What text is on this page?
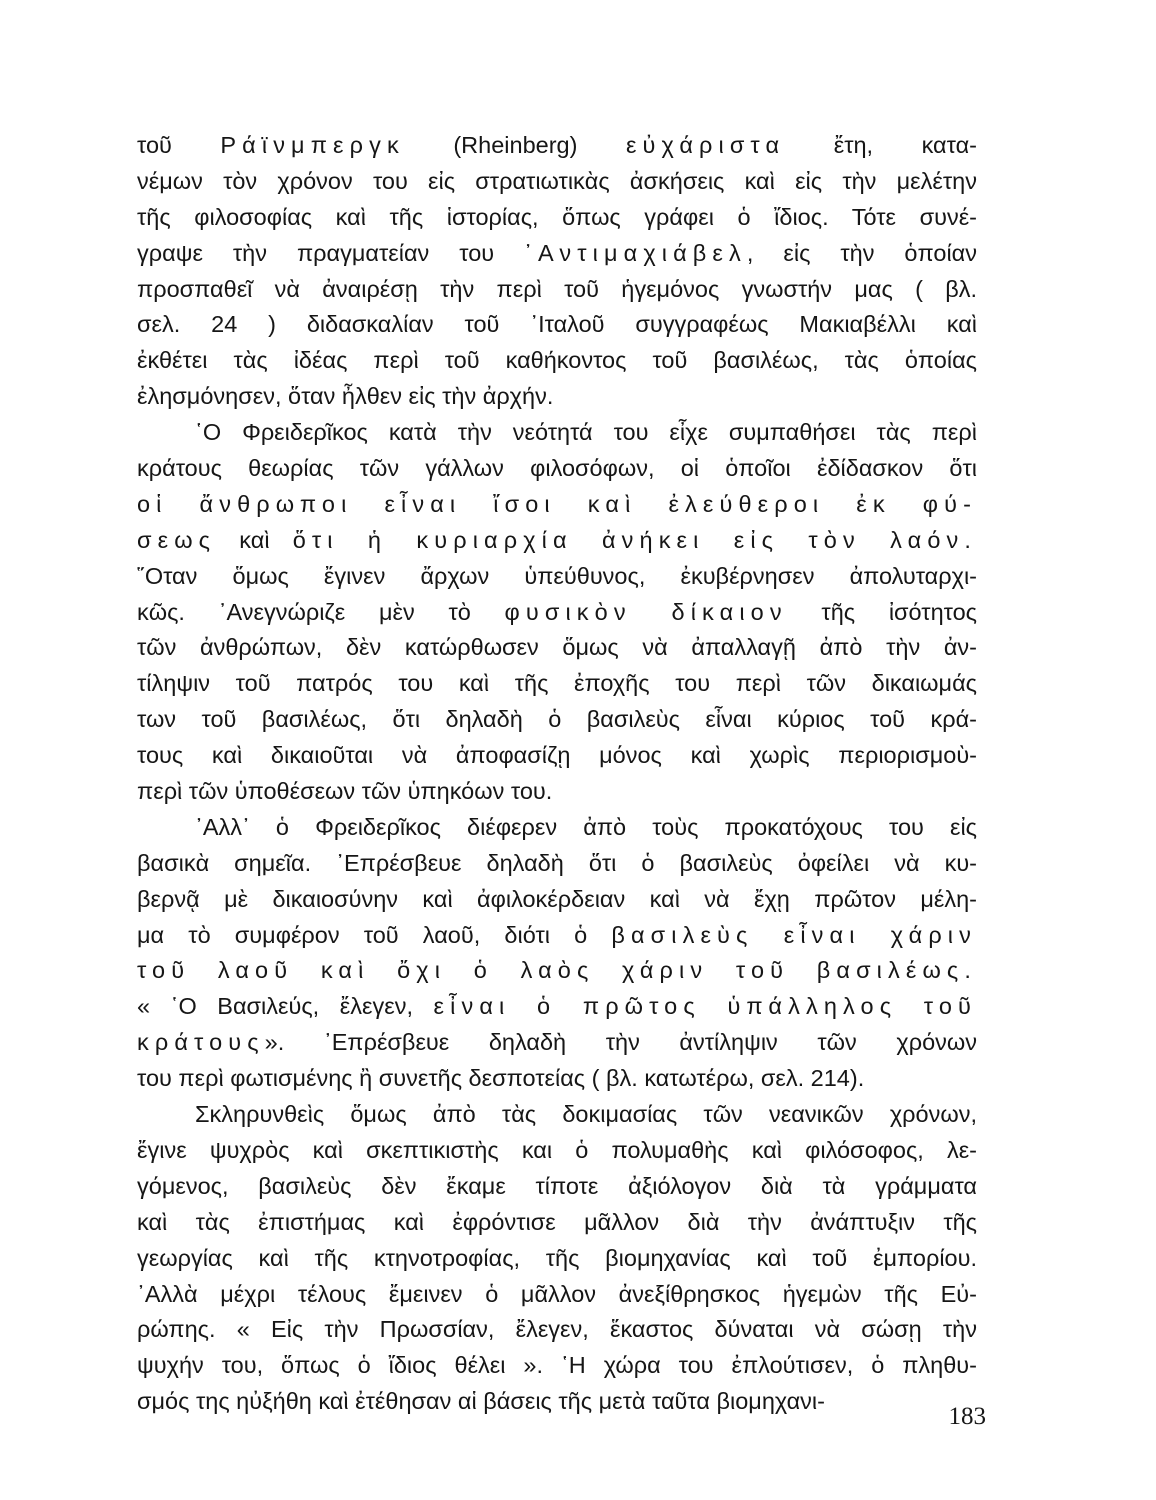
τοῦ Ράϊνμπεργκ (Rheinberg) εὐχάριστα ἔτη, κατα-
νέμων τὸν χρόνον του εἰς στρατιωτικὰς ἀσκήσεις καὶ εἰς τὴν μελέτην
τῆς φιλοσοφίας καὶ τῆς ἱστορίας, ὅπως γράφει ὁ ἴδιος. Τότε συνέ-
γραψε τὴν πραγματείαν του ᾿Αντιμαχιάβελ, εἰς τὴν ὁποίαν
προσπαθεῖ νὰ ἀναιρέσῃ τὴν περὶ τοῦ ἡγεμόνος γνωστήν μας ( βλ.
σελ. 24 ) διδασκαλίαν τοῦ ᾿Ιταλοῦ συγγραφέως Μακιαβέλλι καὶ
ἐκθέτει τὰς ἰδέας περὶ τοῦ καθήκοντος τοῦ βασιλέως, τὰς ὁποίας
ἐλησμόνησεν, ὅταν ἦλθεν εἰς τὴν ἀρχήν.
῾Ο Φρειδερῖκος κατὰ τὴν νεότητά του εἶχε συμπαθήσει τὰς περὶ
κράτους θεωρίας τῶν γάλλων φιλοσόφων, οἱ ὁποῖοι ἐδίδασκον ὅτι
οἱ ἄνθρωποι εἶναι ἴσοι καὶ ἐλεύθεροι ἐκ φύ-
σεως καὶ ὅτι ἡ κυριαρχία ἀνήκει εἰς τὸν λαόν.
῞Οταν ὅμως ἔγινεν ἄρχων ὑπεύθυνος, ἐκυβέρνησεν ἀπολυταρχι-
κῶς. ᾿Ανεγνώριζε μὲν τὸ φυσικὸν δίκαιον τῆς ἰσότητος
τῶν ἀνθρώπων, δὲν κατώρθωσεν ὅμως νὰ ἀπαλλαγῇ ἀπὸ τὴν ἀν-
τίληψιν τοῦ πατρός του καὶ τῆς ἐποχῆς του περὶ τῶν δικαιωμάς
των τοῦ βασιλέως, ὅτι δηλαδὴ ὁ βασιλεὺς εἶναι κύριος τοῦ κρά-
τους καὶ δικαιοῦται νὰ ἀποφασίζῃ μόνος καὶ χωρὶς περιορισμοὺ-
περὶ τῶν ὑποθέσεων τῶν ὑπηκόων του.
᾿Αλλ᾿ ὁ Φρειδερῖκος διέφερεν ἀπὸ τοὺς προκατόχους του εἰς
βασικὰ σημεῖα. ᾿Επρέσβευε δηλαδὴ ὅτι ὁ βασιλεὺς ὀφείλει νὰ κυ-
βερνᾷ μὲ δικαιοσύνην καὶ ἀφιλοκέρδειαν καὶ νὰ ἔχῃ πρῶτον μέλη-
μα τὸ συμφέρον τοῦ λαοῦ, διότι ὁ βασιλεὺς εἶναι χάριν
τοῦ λαοῦ καὶ ὄχι ὁ λαὸς χάριν τοῦ βασιλέως.
« ῾Ο Βασιλεύς, ἔλεγεν, εἶναι ὁ πρῶτος ὑπάλληλος τοῦ
κράτους». ᾿Επρέσβευε δηλαδὴ τὴν ἀντίληψιν τῶν χρόνων
του περὶ φωτισμένης ἢ συνετῆς δεσποτείας ( βλ. κατωτέρω, σελ. 214).
Σκληρυνθεὶς ὅμως ἀπὸ τὰς δοκιμασίας τῶν νεανικῶν χρόνων,
ἔγινε ψυχρὸς καὶ σκεπτικιστὴς και ὁ πολυμαθὴς καὶ φιλόσοφος, λε-
γόμενος, βασιλεὺς δὲν ἔκαμε τίποτε ἀξιόλογον διὰ τὰ γράμματα
καὶ τὰς ἐπιστήμας καὶ ἐφρόντισε μᾶλλον διὰ τὴν ἀνάπτυξιν τῆς
γεωργίας καὶ τῆς κτηνοτροφίας, τῆς βιομηχανίας καὶ τοῦ ἐμπορίου.
᾿Αλλὰ μέχρι τέλους ἔμεινεν ὁ μᾶλλον ἀνεξίθρησκος ἡγεμὼν τῆς Εὐ-
ρώπης. « Εἰς τὴν Πρωσσίαν, ἔλεγεν, ἕκαστος δύναται νὰ σώσῃ τὴν
ψυχήν του, ὅπως ὁ ἴδιος θέλει ». ῾Η χώρα του ἐπλούτισεν, ὁ πληθυ-
σμός της ηὐξήθη καὶ ἐτέθησαν αἱ βάσεις τῆς μετὰ ταῦτα βιομηχανι-
183
